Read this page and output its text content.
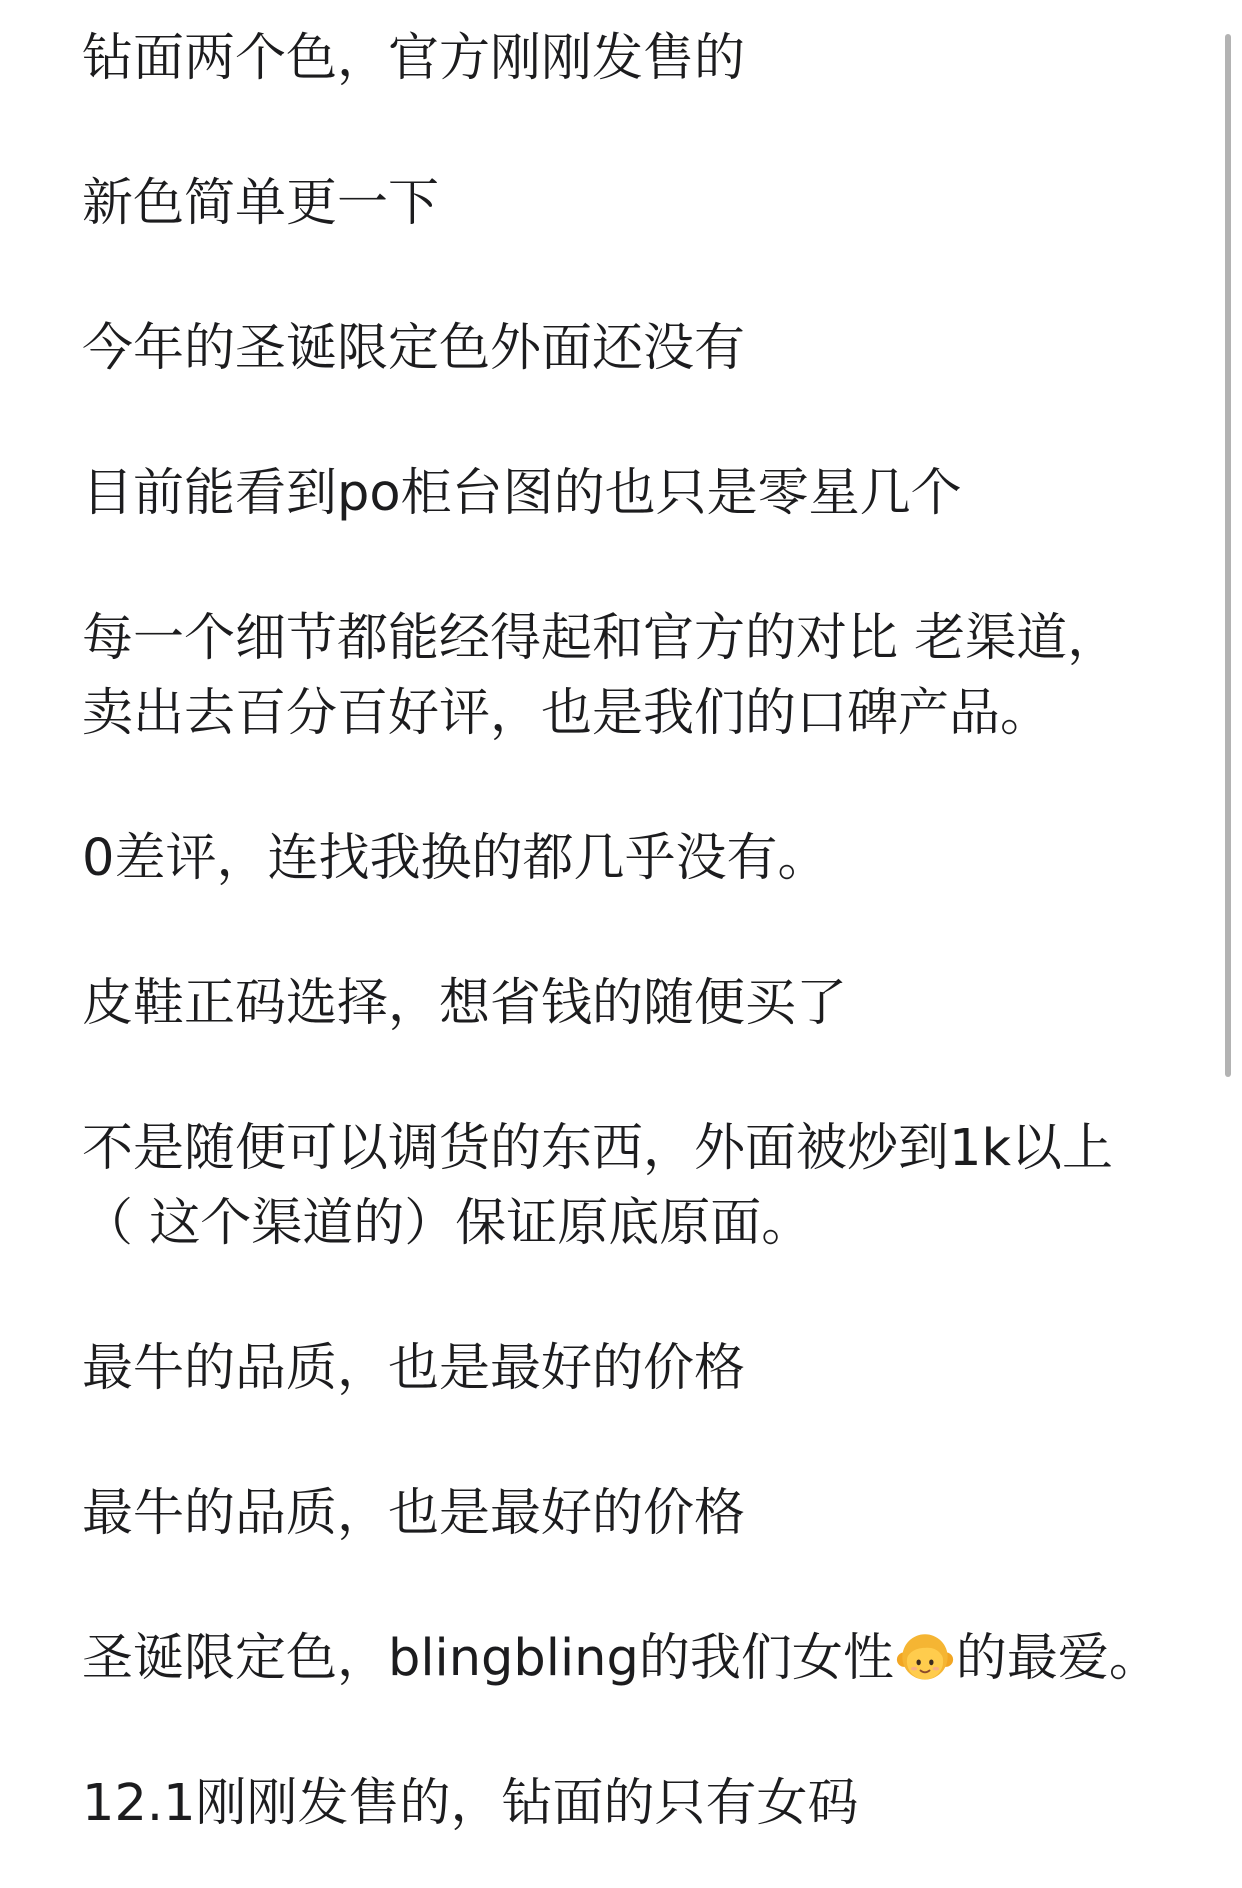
钻面两个色，官方刚刚发售的

新色简单更一下

今年的圣诞限定色外面还没有

目前能看到po柜台图的也只是零星几个

每一个细节都能经得起和官方的对比 老渠道，
卖出去百分百好评，也是我们的口碑产品。

0差评，连找我换的都几乎没有。

皮鞋正码选择，想省钱的随便买了

不是随便可以调货的东西，外面被炒到1k以上
（ 这个渠道的）保证原底原面。

最牛的品质，也是最好的价格

最牛的品质，也是最好的价格

圣诞限定色，blingbling的我们女性 的最爱。

12.1刚刚发售的，钻面的只有女码
